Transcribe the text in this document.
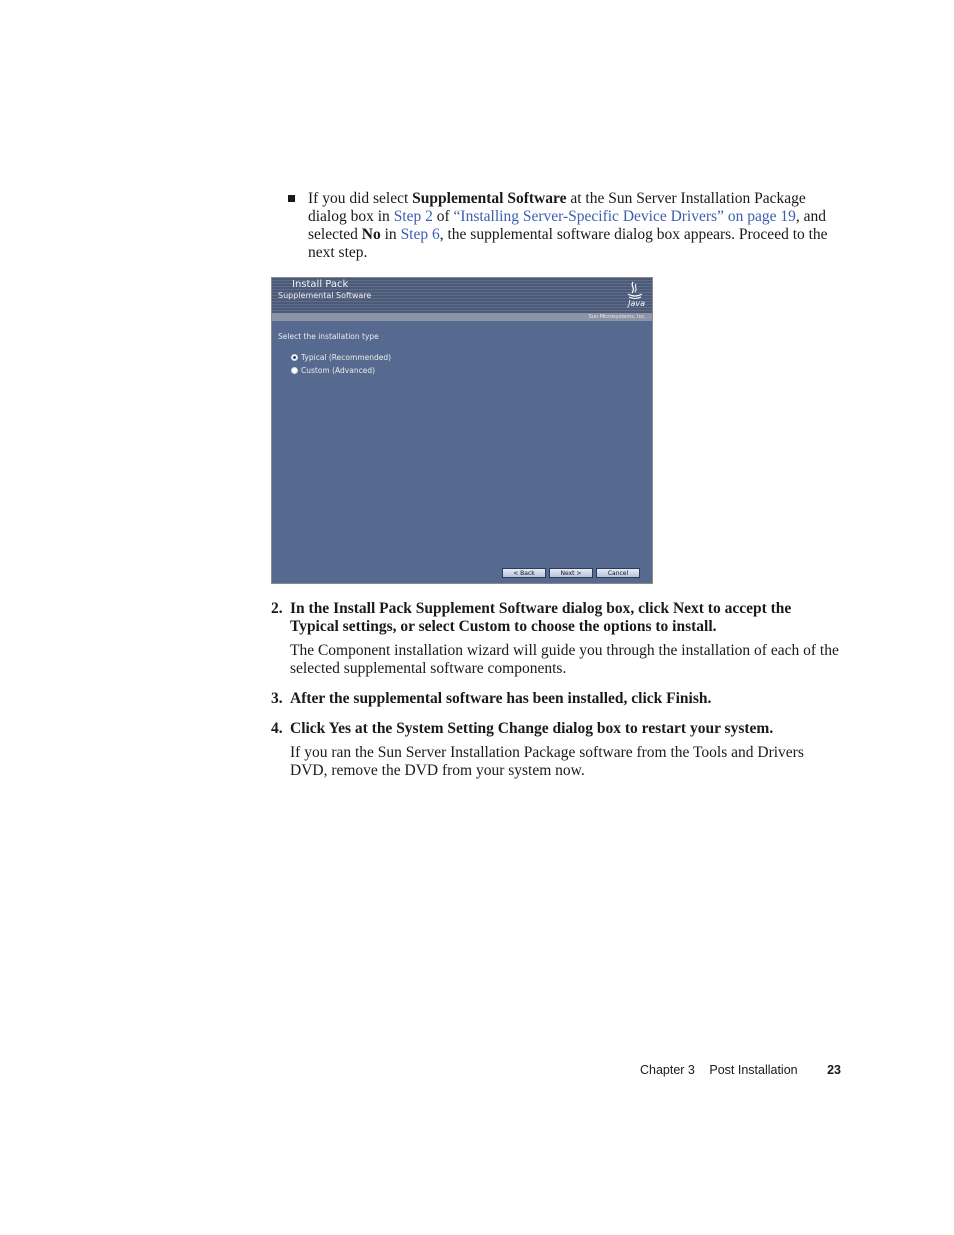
If you did select Supplemental Software at the Sun Server Installation Package dialog box in Step 2 of “Installing Server-Specific Device Drivers” on page 19, and selected No in Step 6, the supplemental software dialog box appears. Proceed to the next step.
Install Pack
Supplemental Software
Java
Sun Microsystems, Inc.
Select the installation type
Typical (Recommended)
Custom (Advanced)
< Back	Next >	Cancel
2. In the Install Pack Supplement Software dialog box, click Next to accept the Typical settings, or select Custom to choose the options to install.
The Component installation wizard will guide you through the installation of each of the selected supplemental software components.
3. After the supplemental software has been installed, click Finish.
4. Click Yes at the System Setting Change dialog box to restart your system.
If you ran the Sun Server Installation Package software from the Tools and Drivers DVD, remove the DVD from your system now.
Chapter 3 Post Installation 23
